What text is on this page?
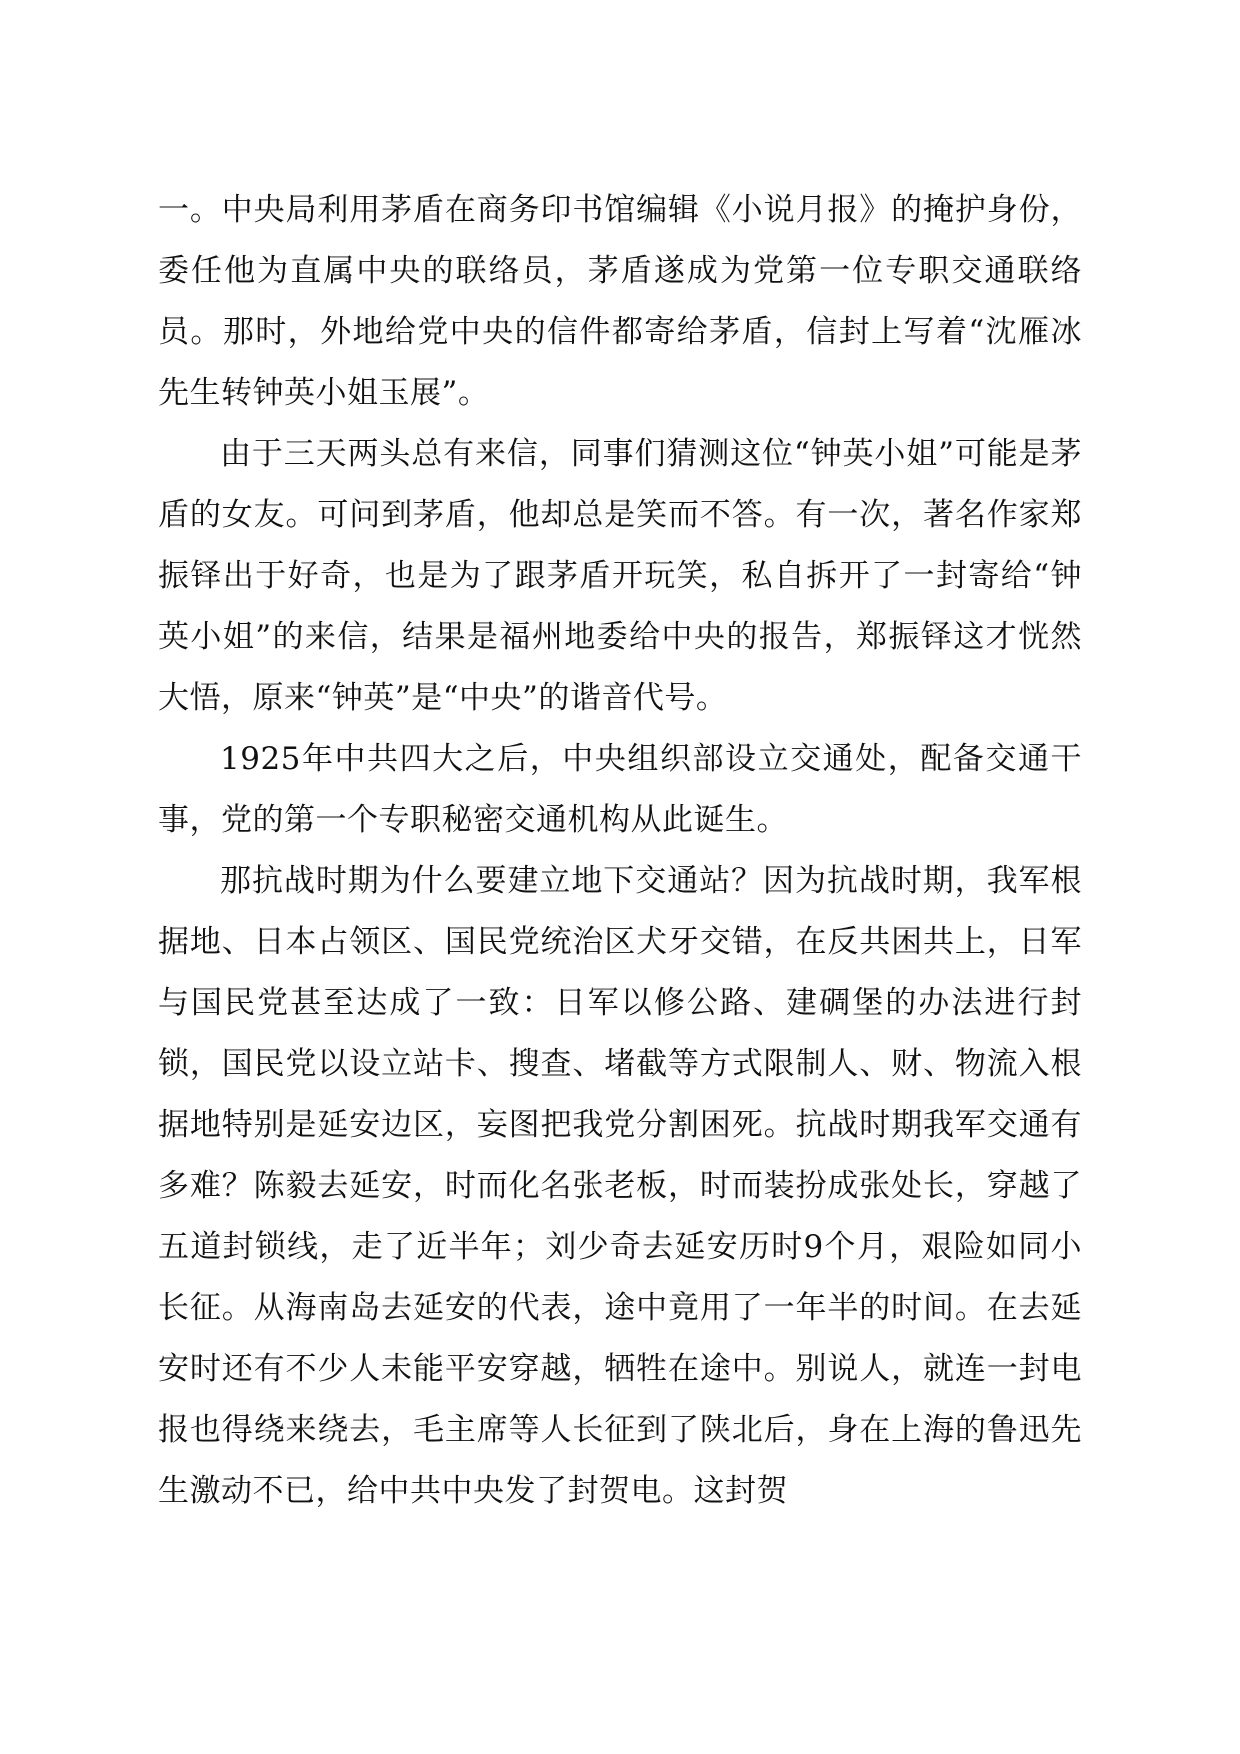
一。中央局利用茅盾在商务印书馆编辑《小说月报》的掩护身份，委任他为直属中央的联络员，茅盾遂成为党第一位专职交通联络员。那时，外地给党中央的信件都寄给茅盾，信封上写着“沈雁冰先生转钟英小姐玉展”。

由于三天两头总有来信，同事们猜测这位“钟英小姐”可能是茅盾的女友。可问到茅盾，他却总是笑而不答。有一次，著名作家郑振铎出于好奇，也是为了跟茅盾开玩笑，私自拆开了一封寄给“钟英小姐”的来信，结果是福州地委给中央的报告，郑振铎这才恍然大悟，原来“钟英”是“中央”的谐音代号。

1925年中共四大之后，中央组织部设立交通处，配备交通干事，党的第一个专职秘密交通机构从此诞生。

那抗战时期为什么要建立地下交通站？因为抗战时期，我军根据地、日本占领区、国民党统治区犬牙交错，在反共困共上，日军与国民党甚至达成了一致：日军以修公路、建碉堡的办法进行封锁，国民党以设立站卡、搜查、堵截等方式限制人、财、物流入根据地特别是延安边区，妄图把我党分割困死。抗战时期我军交通有多难？陈毅去延安，时而化名张老板，时而装扮成张处长，穿越了五道封锁线，走了近半年；刘少奇去延安历时9个月，艰险如同小长征。从海南岛去延安的代表，途中竟用了一年半的时间。在去延安时还有不少人未能平安穿越，牺牲在途中。别说人，就连一封电报也得绕来绕去，毛主席等人长征到了陕北后，身在上海的鲁迅先生激动不已，给中共中央发了封贺电。这封贺
